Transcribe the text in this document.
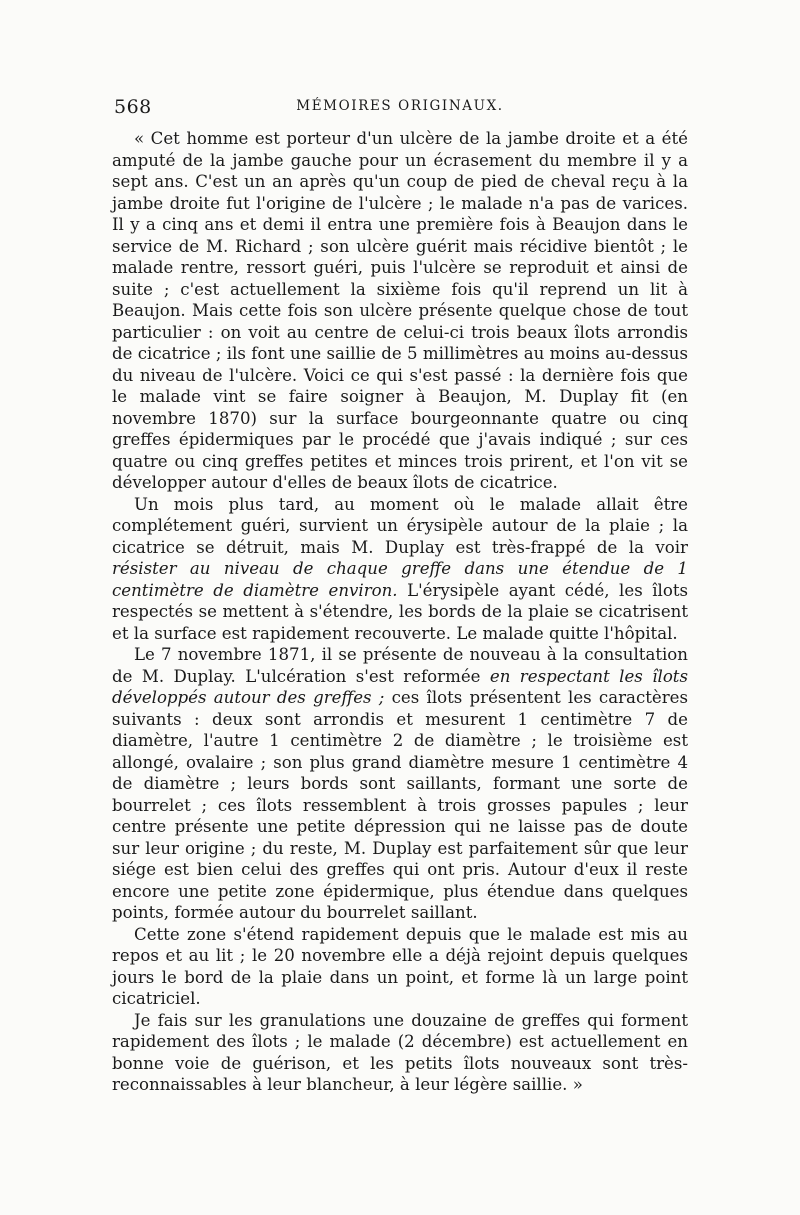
568	MÉMOIRES ORIGINAUX.

« Cet homme est porteur d'un ulcère de la jambe droite et a été amputé de la jambe gauche pour un écrasement du membre il y a sept ans. C'est un an après qu'un coup de pied de cheval reçu à la jambe droite fut l'origine de l'ulcère ; le malade n'a pas de varices. Il y a cinq ans et demi il entra une première fois à Beaujon dans le service de M. Richard ; son ulcère guérit mais récidive bientôt ; le malade rentre, ressort guéri, puis l'ulcère se reproduit et ainsi de suite ; c'est actuellement la sixième fois qu'il reprend un lit à Beaujon. Mais cette fois son ulcère présente quelque chose de tout particulier : on voit au centre de celui-ci trois beaux îlots arrondis de cicatrice ; ils font une saillie de 5 millimètres au moins au-dessus du niveau de l'ulcère. Voici ce qui s'est passé : la dernière fois que le malade vint se faire soigner à Beaujon, M. Duplay fit (en novembre 1870) sur la surface bourgeonnante quatre ou cinq greffes épidermiques par le procédé que j'avais indiqué ; sur ces quatre ou cinq greffes petites et minces trois prirent, et l'on vit se développer autour d'elles de beaux îlots de cicatrice.

Un mois plus tard, au moment où le malade allait être complétement guéri, survient un érysipèle autour de la plaie ; la cicatrice se détruit, mais M. Duplay est très-frappé de la voir résister au niveau de chaque greffe dans une étendue de 1 centimètre de diamètre environ. L'érysipèle ayant cédé, les îlots respectés se mettent à s'étendre, les bords de la plaie se cicatrisent et la surface est rapidement recouverte. Le malade quitte l'hôpital.

Le 7 novembre 1871, il se présente de nouveau à la consultation de M. Duplay. L'ulcération s'est reformée en respectant les îlots développés autour des greffes ; ces îlots présentent les caractères suivants : deux sont arrondis et mesurent 1 centimètre 7 de diamètre, l'autre 1 centimètre 2 de diamètre ; le troisième est allongé, ovalaire ; son plus grand diamètre mesure 1 centimètre 4 de diamètre ; leurs bords sont saillants, formant une sorte de bourrelet ; ces îlots ressemblent à trois grosses papules ; leur centre présente une petite dépression qui ne laisse pas de doute sur leur origine ; du reste, M. Duplay est parfaitement sûr que leur siége est bien celui des greffes qui ont pris. Autour d'eux il reste encore une petite zone épidermique, plus étendue dans quelques points, formée autour du bourrelet saillant.

Cette zone s'étend rapidement depuis que le malade est mis au repos et au lit ; le 20 novembre elle a déjà rejoint depuis quelques jours le bord de la plaie dans un point, et forme là un large point cicatriciel.

Je fais sur les granulations une douzaine de greffes qui forment rapidement des îlots ; le malade (2 décembre) est actuellement en bonne voie de guérison, et les petits îlots nouveaux sont très-reconnaissables à leur blancheur, à leur légère saillie. »
